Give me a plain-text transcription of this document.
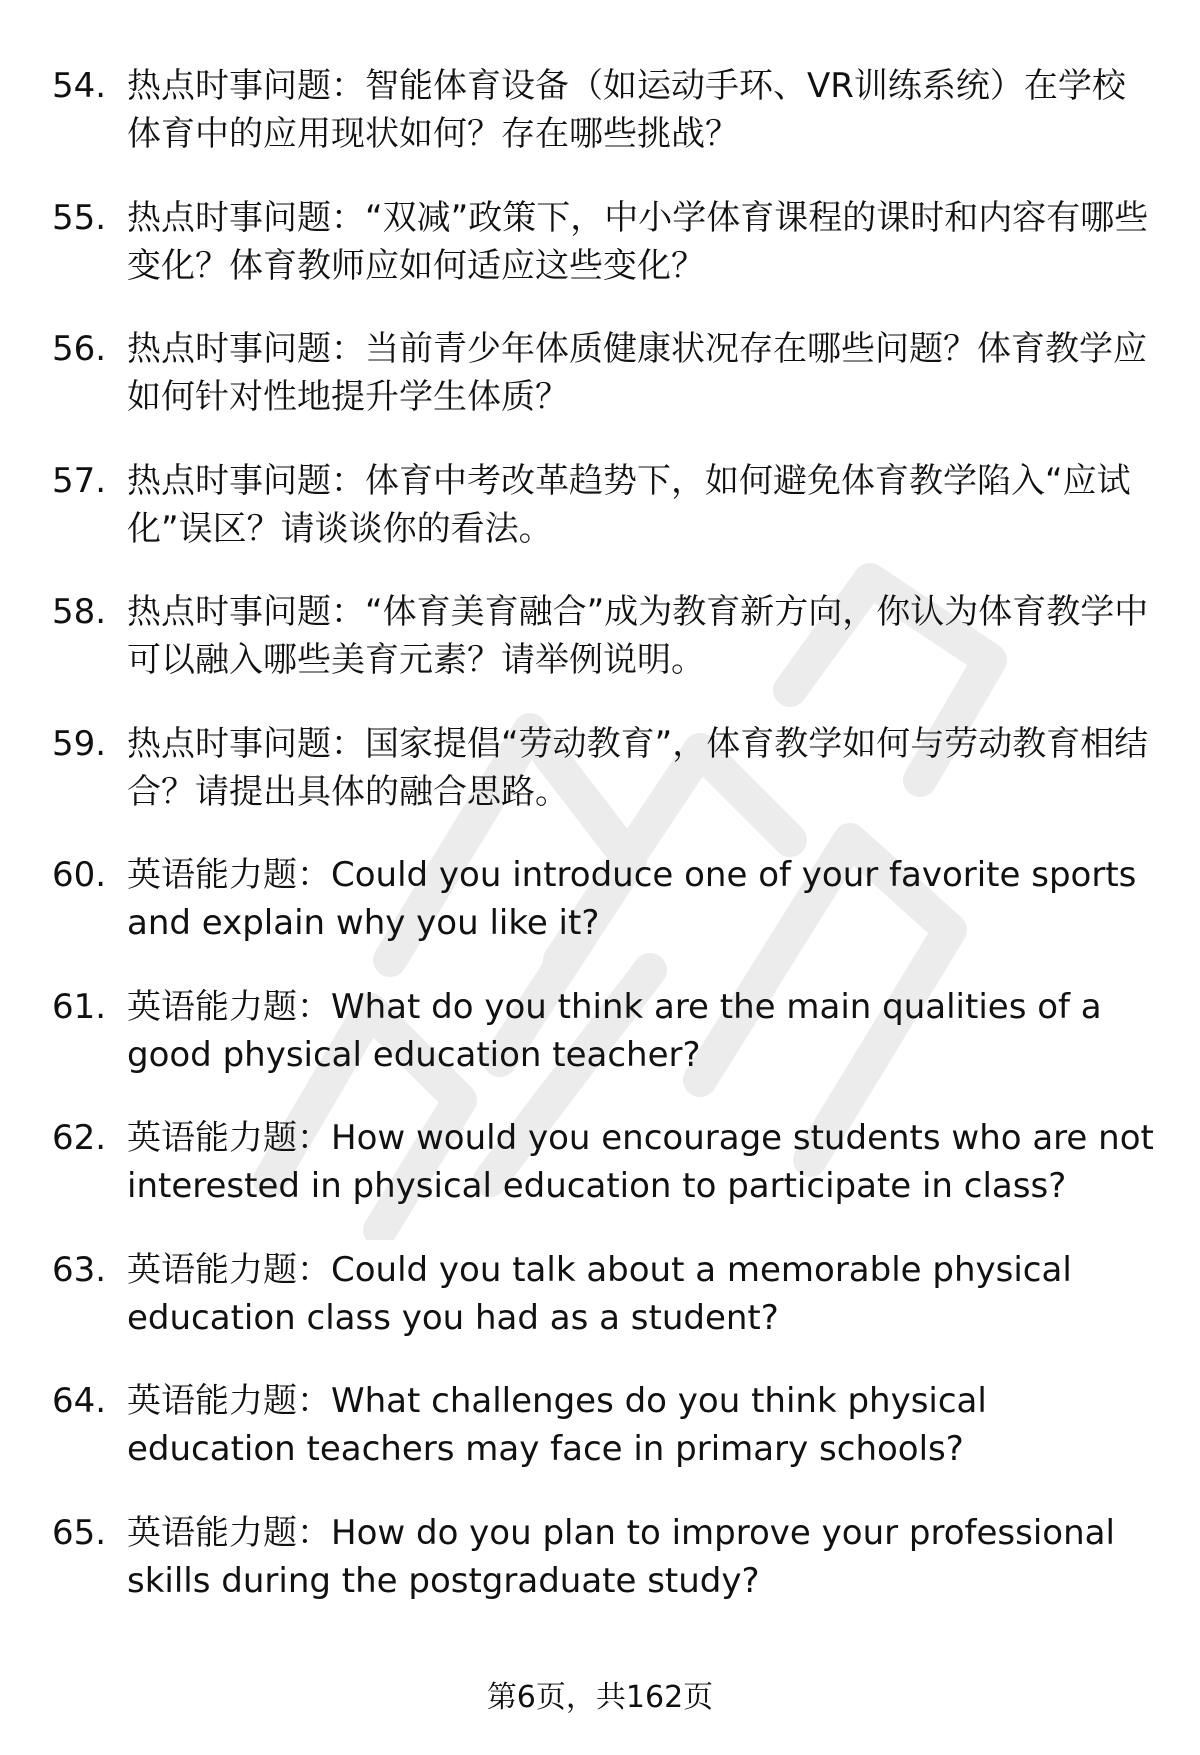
54. 热点时事问题：智能体育设备（如运动手环、VR训练系统）在学校体育中的应用现状如何？存在哪些挑战？
55. 热点时事问题：“双减”政策下，中小学体育课程的课时和内容有哪些变化？体育教师应如何适应这些变化？
56. 热点时事问题：当前青少年体质健康状况存在哪些问题？体育教学应如何针对性地提升学生体质？
57. 热点时事问题：体育中考改革趋势下，如何避免体育教学陷入“应试化”误区？请谈谈你的看法。
58. 热点时事问题：“体育美育融合”成为教育新方向，你认为体育教学中可以融入哪些美育元素？请举例说明。
59. 热点时事问题：国家提倡“劳动教育”，体育教学如何与劳动教育相结合？请提出具体的融合思路。
60. 英语能力题：Could you introduce one of your favorite sports and explain why you like it?
61. 英语能力题：What do you think are the main qualities of a good physical education teacher?
62. 英语能力题：How would you encourage students who are not interested in physical education to participate in class?
63. 英语能力题：Could you talk about a memorable physical education class you had as a student?
64. 英语能力题：What challenges do you think physical education teachers may face in primary schools?
65. 英语能力题：How do you plan to improve your professional skills during the postgraduate study?
第6页，共162页
